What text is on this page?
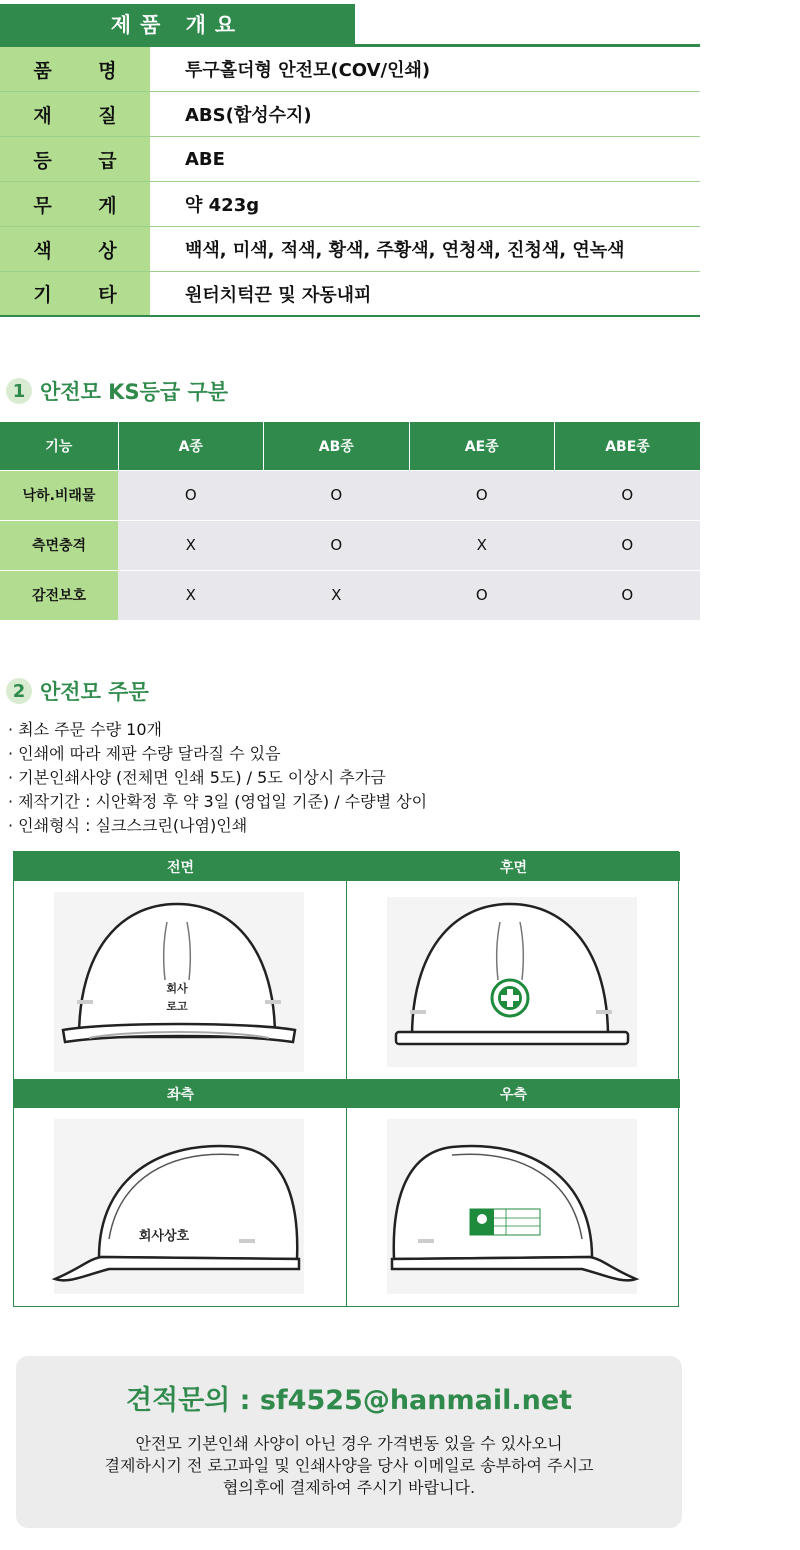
제품 개요
품 명	투구홀더형 안전모(COV/인쇄)
재 질	ABS(합성수지)
등 급	ABE
무 게	약 423g
색 상	백색, 미색, 적색, 황색, 주황색, 연청색, 진청색, 연녹색
기 타	원터치턱끈 및 자동내피
1 안전모 KS등급 구분
기능	A종	AB종	AE종	ABE종
낙하.비래물	O	O	O	O
측면충격	X	O	X	O
감전보호	X	X	O	O
2 안전모 주문
· 최소 주문 수량 10개
· 인쇄에 따라 제판 수량 달라질 수 있음
· 기본인쇄사양 (전체면 인쇄 5도) / 5도 이상시 추가금
· 제작기간 : 시안확정 후 약 3일 (영업일 기준) / 수량별 상이
· 인쇄형식 : 실크스크린(나염)인쇄
전면
회사
로고
후면
좌측
회사상호
우측
견적문의 : sf4525@hanmail.net
안전모 기본인쇄 사양이 아닌 경우 가격변동 있을 수 있사오니
결제하시기 전 로고파일 및 인쇄사양을 당사 이메일로 송부하여 주시고
협의후에 결제하여 주시기 바랍니다.
